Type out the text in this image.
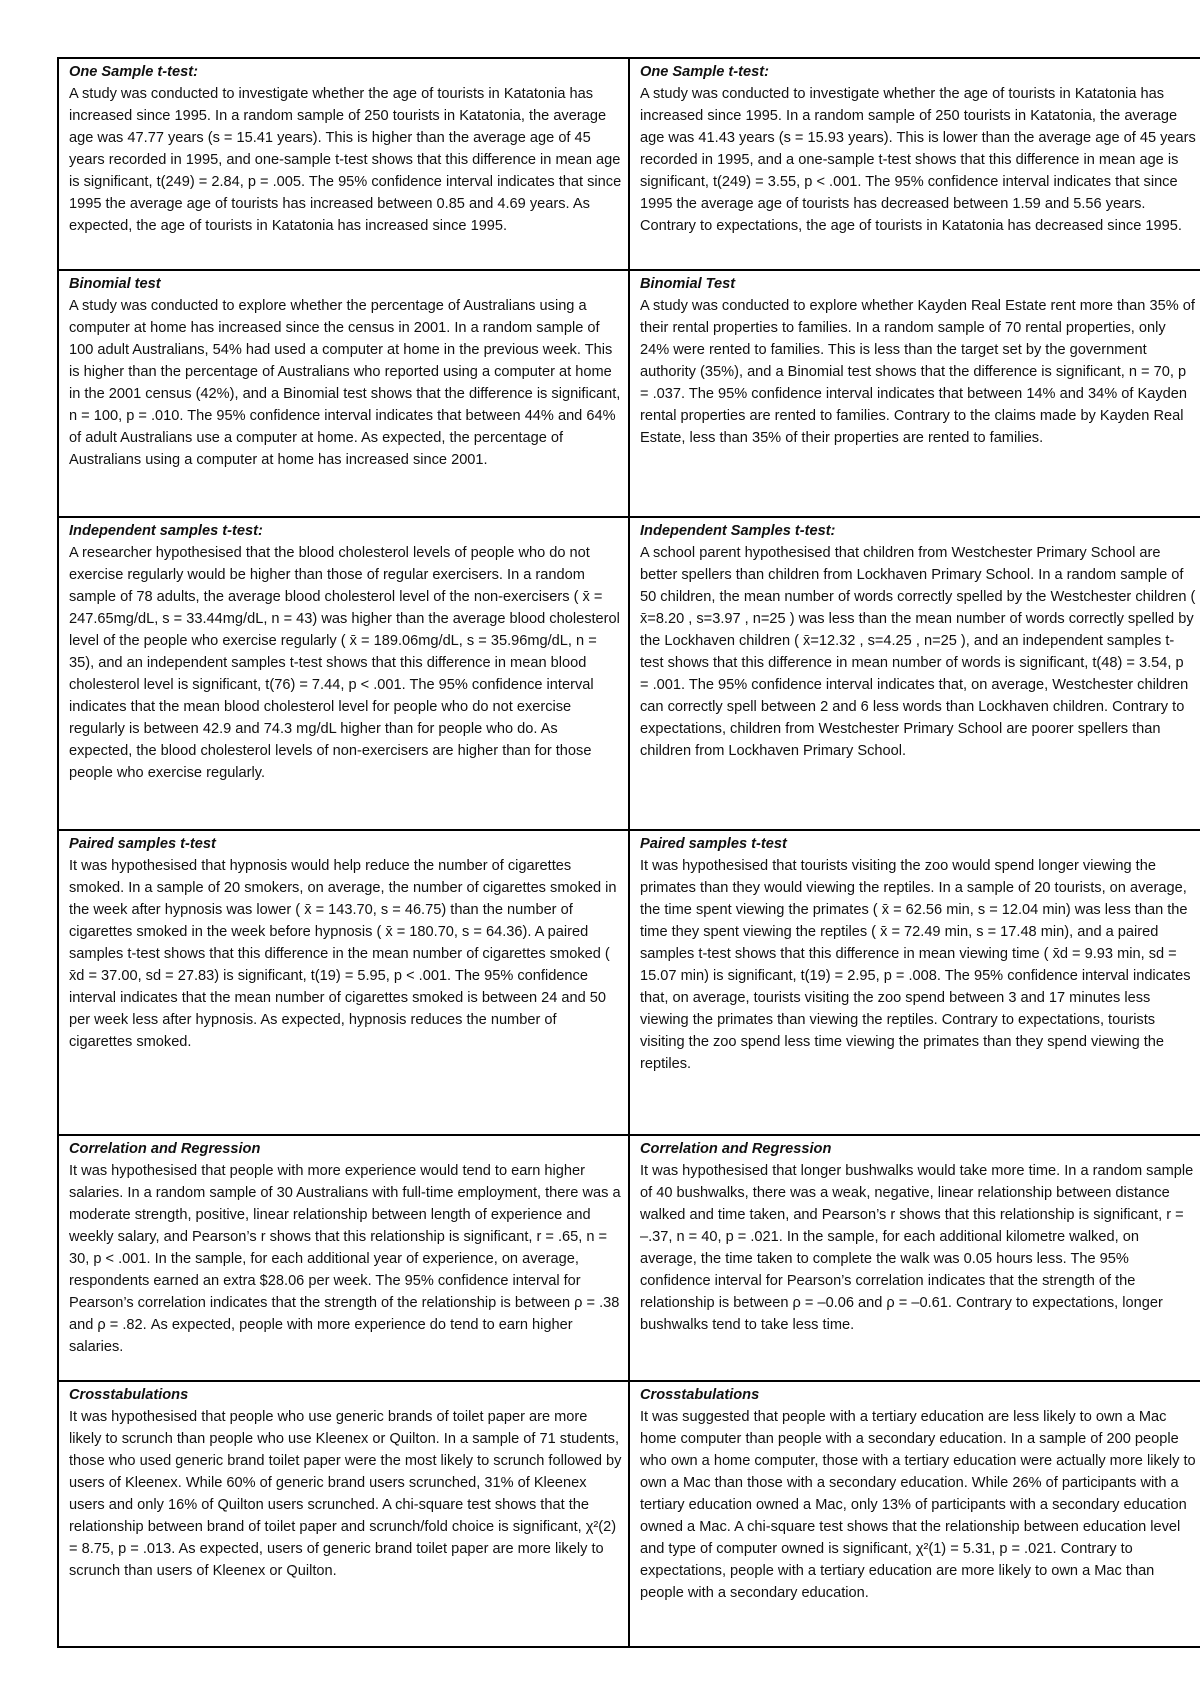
One Sample t-test:
A study was conducted to investigate whether the age of tourists in Katatonia has increased since 1995. In a random sample of 250 tourists in Katatonia, the average age was 47.77 years (s = 15.41 years). This is higher than the average age of 45 years recorded in 1995, and one-sample t-test shows that this difference in mean age is significant, t(249) = 2.84, p = .005. The 95% confidence interval indicates that since 1995 the average age of tourists has increased between 0.85 and 4.69 years. As expected, the age of tourists in Katatonia has increased since 1995.
One Sample t-test:
A study was conducted to investigate whether the age of tourists in Katatonia has increased since 1995. In a random sample of 250 tourists in Katatonia, the average age was 41.43 years (s = 15.93 years). This is lower than the average age of 45 years recorded in 1995, and a one-sample t-test shows that this difference in mean age is significant, t(249) = 3.55, p < .001. The 95% confidence interval indicates that since 1995 the average age of tourists has decreased between 1.59 and 5.56 years. Contrary to expectations, the age of tourists in Katatonia has decreased since 1995.
Binomial test
A study was conducted to explore whether the percentage of Australians using a computer at home has increased since the census in 2001. In a random sample of 100 adult Australians, 54% had used a computer at home in the previous week. This is higher than the percentage of Australians who reported using a computer at home in the 2001 census (42%), and a Binomial test shows that the difference is significant, n = 100, p = .010. The 95% confidence interval indicates that between 44% and 64% of adult Australians use a computer at home. As expected, the percentage of Australians using a computer at home has increased since 2001.
Binomial Test
A study was conducted to explore whether Kayden Real Estate rent more than 35% of their rental properties to families. In a random sample of 70 rental properties, only 24% were rented to families. This is less than the target set by the government authority (35%), and a Binomial test shows that the difference is significant, n = 70, p = .037. The 95% confidence interval indicates that between 14% and 34% of Kayden rental properties are rented to families. Contrary to the claims made by Kayden Real Estate, less than 35% of their properties are rented to families.
Independent samples t-test:
A researcher hypothesised that the blood cholesterol levels of people who do not exercise regularly would be higher than those of regular exercisers. In a random sample of 78 adults, the average blood cholesterol level of the non-exercisers ( x̄ = 247.65mg/dL, s = 33.44mg/dL, n = 43) was higher than the average blood cholesterol level of the people who exercise regularly ( x̄ = 189.06mg/dL, s = 35.96mg/dL, n = 35), and an independent samples t-test shows that this difference in mean blood cholesterol level is significant, t(76) = 7.44, p < .001. The 95% confidence interval indicates that the mean blood cholesterol level for people who do not exercise regularly is between 42.9 and 74.3 mg/dL higher than for people who do. As expected, the blood cholesterol levels of non-exercisers are higher than for those people who exercise regularly.
Independent Samples t-test:
A school parent hypothesised that children from Westchester Primary School are better spellers than children from Lockhaven Primary School. In a random sample of 50 children, the mean number of words correctly spelled by the Westchester children ( x̄=8.20 , s=3.97 , n=25 ) was less than the mean number of words correctly spelled by the Lockhaven children ( x̄=12.32 , s=4.25 , n=25 ), and an independent samples t-test shows that this difference in mean number of words is significant, t(48) = 3.54, p = .001. The 95% confidence interval indicates that, on average, Westchester children can correctly spell between 2 and 6 less words than Lockhaven children. Contrary to expectations, children from Westchester Primary School are poorer spellers than children from Lockhaven Primary School.
Paired samples t-test
It was hypothesised that hypnosis would help reduce the number of cigarettes smoked. In a sample of 20 smokers, on average, the number of cigarettes smoked in the week after hypnosis was lower ( x̄ = 143.70, s = 46.75) than the number of cigarettes smoked in the week before hypnosis ( x̄ = 180.70, s = 64.36). A paired samples t-test shows that this difference in the mean number of cigarettes smoked ( x̄d = 37.00, sd = 27.83) is significant, t(19) = 5.95, p < .001. The 95% confidence interval indicates that the mean number of cigarettes smoked is between 24 and 50 per week less after hypnosis. As expected, hypnosis reduces the number of cigarettes smoked.
Paired samples t-test
It was hypothesised that tourists visiting the zoo would spend longer viewing the primates than they would viewing the reptiles. In a sample of 20 tourists, on average, the time spent viewing the primates ( x̄ = 62.56 min, s = 12.04 min) was less than the time they spent viewing the reptiles ( x̄ = 72.49 min, s = 17.48 min), and a paired samples t-test shows that this difference in mean viewing time ( x̄d = 9.93 min, sd = 15.07 min) is significant, t(19) = 2.95, p = .008. The 95% confidence interval indicates that, on average, tourists visiting the zoo spend between 3 and 17 minutes less viewing the primates than viewing the reptiles. Contrary to expectations, tourists visiting the zoo spend less time viewing the primates than they spend viewing the reptiles.
Correlation and Regression
It was hypothesised that people with more experience would tend to earn higher salaries. In a random sample of 30 Australians with full-time employment, there was a moderate strength, positive, linear relationship between length of experience and weekly salary, and Pearson’s r shows that this relationship is significant, r = .65, n = 30, p < .001. In the sample, for each additional year of experience, on average, respondents earned an extra $28.06 per week. The 95% confidence interval for Pearson’s correlation indicates that the strength of the relationship is between ρ = .38 and ρ = .82. As expected, people with more experience do tend to earn higher salaries.
Correlation and Regression
It was hypothesised that longer bushwalks would take more time. In a random sample of 40 bushwalks, there was a weak, negative, linear relationship between distance walked and time taken, and Pearson’s r shows that this relationship is significant, r = –.37, n = 40, p = .021. In the sample, for each additional kilometre walked, on average, the time taken to complete the walk was 0.05 hours less. The 95% confidence interval for Pearson’s correlation indicates that the strength of the relationship is between ρ = –0.06 and ρ = –0.61. Contrary to expectations, longer bushwalks tend to take less time.
Crosstabulations
It was hypothesised that people who use generic brands of toilet paper are more likely to scrunch than people who use Kleenex or Quilton. In a sample of 71 students, those who used generic brand toilet paper were the most likely to scrunch followed by users of Kleenex. While 60% of generic brand users scrunched, 31% of Kleenex users and only 16% of Quilton users scrunched. A chi-square test shows that the relationship between brand of toilet paper and scrunch/fold choice is significant, χ²(2) = 8.75, p = .013. As expected, users of generic brand toilet paper are more likely to scrunch than users of Kleenex or Quilton.
Crosstabulations
It was suggested that people with a tertiary education are less likely to own a Mac home computer than people with a secondary education. In a sample of 200 people who own a home computer, those with a tertiary education were actually more likely to own a Mac than those with a secondary education. While 26% of participants with a tertiary education owned a Mac, only 13% of participants with a secondary education owned a Mac. A chi-square test shows that the relationship between education level and type of computer owned is significant, χ²(1) = 5.31, p = .021. Contrary to expectations, people with a tertiary education are more likely to own a Mac than people with a secondary education.
